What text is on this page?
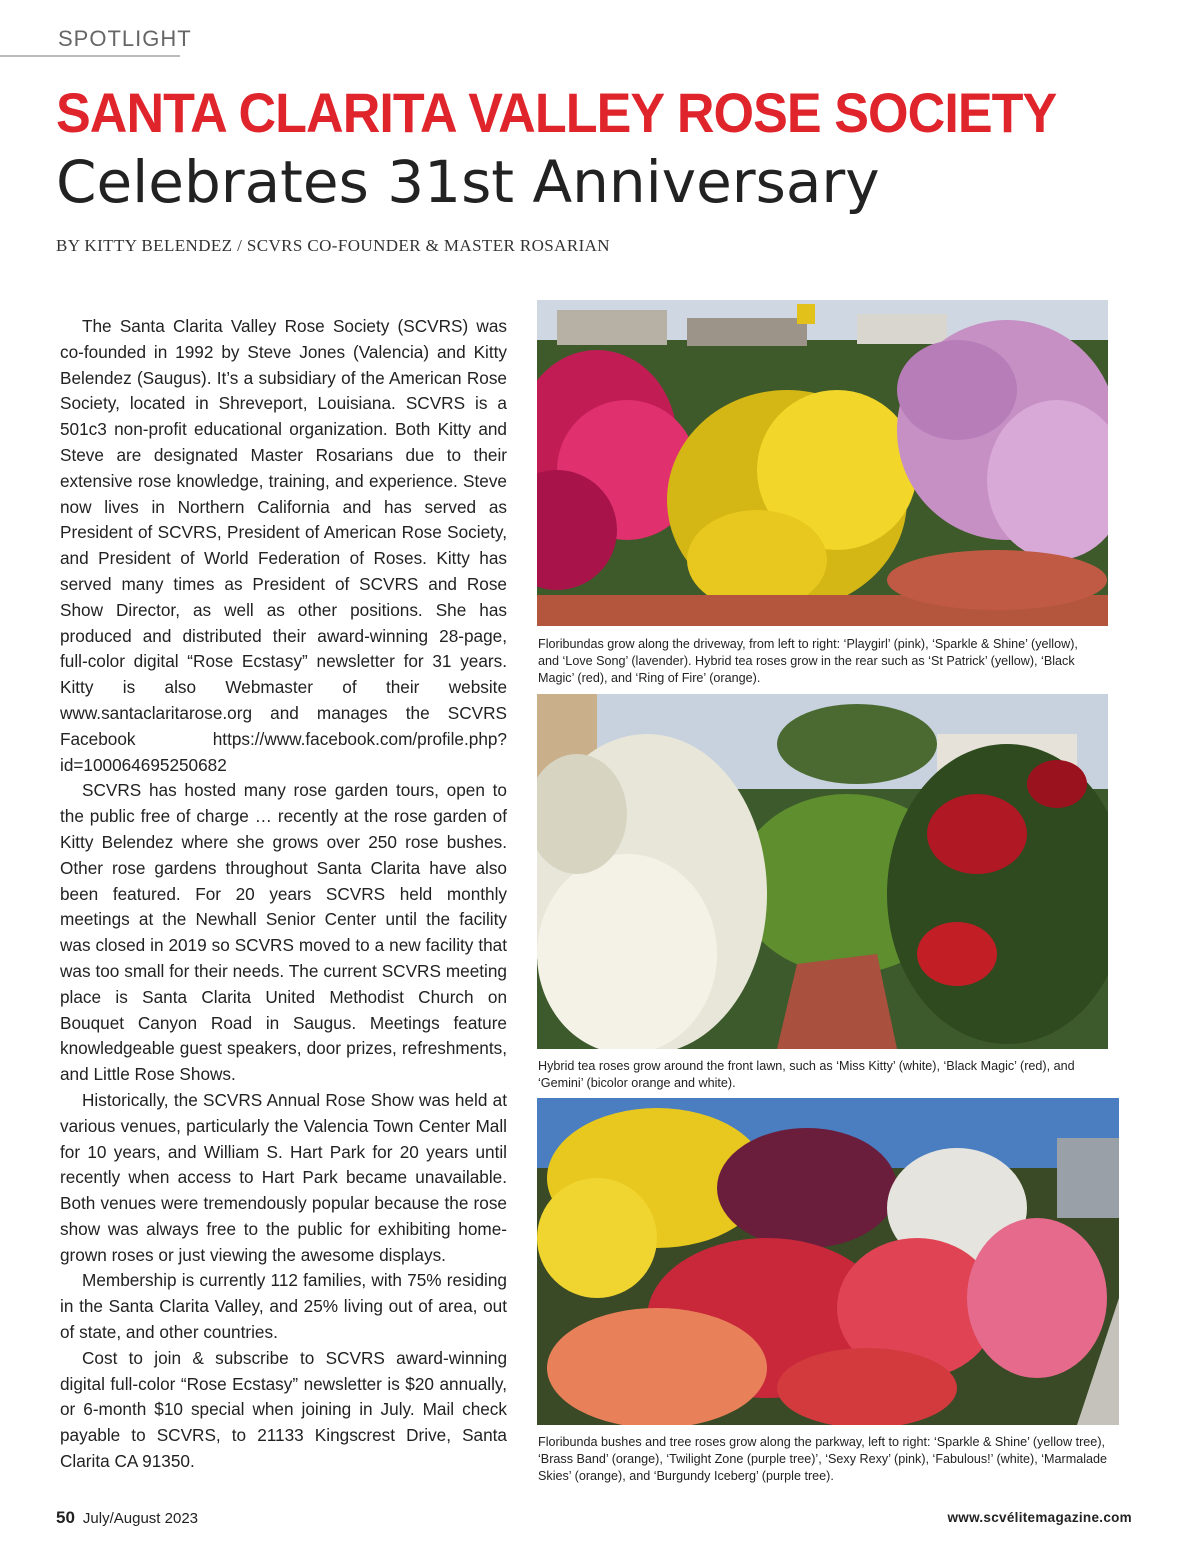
SPOTLIGHT
SANTA CLARITA VALLEY ROSE SOCIETY
Celebrates 31st Anniversary
BY KITTY BELENDEZ / SCVRS CO-FOUNDER & MASTER ROSARIAN

The Santa Clarita Valley Rose Society (SCVRS) was co-founded in 1992 by Steve Jones (Valencia) and Kitty Belendez (Saugus). It’s a subsidiary of the American Rose Society, located in Shreveport, Louisiana. SCVRS is a 501c3 non-profit educational organization. Both Kitty and Steve are designated Master Rosarians due to their extensive rose knowledge, training, and experience. Steve now lives in Northern California and has served as President of SCVRS, President of American Rose Society, and President of World Federation of Roses. Kitty has served many times as President of SCVRS and Rose Show Director, as well as other positions. She has produced and distributed their award-winning 28-page, full-color digital “Rose Ecstasy” newsletter for 31 years. Kitty is also Webmaster of their website www.santaclaritarose.org and manages the SCVRS Facebook https://www.facebook.com/profile.php?id=100064695250682

SCVRS has hosted many rose garden tours, open to the public free of charge … recently at the rose garden of Kitty Belendez where she grows over 250 rose bushes. Other rose gardens throughout Santa Clarita have also been featured. For 20 years SCVRS held monthly meetings at the Newhall Senior Center until the facility was closed in 2019 so SCVRS moved to a new facility that was too small for their needs. The current SCVRS meeting place is Santa Clarita United Methodist Church on Bouquet Canyon Road in Saugus. Meetings feature knowledgeable guest speakers, door prizes, refreshments, and Little Rose Shows.

Historically, the SCVRS Annual Rose Show was held at various venues, particularly the Valencia Town Center Mall for 10 years, and William S. Hart Park for 20 years until recently when access to Hart Park became unavailable. Both venues were tremendously popular because the rose show was always free to the public for exhibiting home-grown roses or just viewing the awesome displays.

Membership is currently 112 families, with 75% residing in the Santa Clarita Valley, and 25% living out of area, out of state, and other countries.

Cost to join & subscribe to SCVRS award-winning digital full-color “Rose Ecstasy” newsletter is $20 annually, or 6-month $10 special when joining in July. Mail check payable to SCVRS, to 21133 Kingscrest Drive, Santa Clarita CA 91350.

Floribundas grow along the driveway, from left to right: ‘Playgirl’ (pink), ‘Sparkle & Shine’ (yellow), and ‘Love Song’ (lavender). Hybrid tea roses grow in the rear such as ‘St Patrick’ (yellow), ‘Black Magic’ (red), and ‘Ring of Fire’ (orange).
Hybrid tea roses grow around the front lawn, such as ‘Miss Kitty’ (white), ‘Black Magic’ (red), and ‘Gemini’ (bicolor orange and white).
Floribunda bushes and tree roses grow along the parkway, left to right: ‘Sparkle & Shine’ (yellow tree), ‘Brass Band’ (orange), ‘Twilight Zone (purple tree)’, ‘Sexy Rexy’ (pink), ‘Fabulous!’ (white), ‘Marmalade Skies’ (orange), and ‘Burgundy Iceberg’ (purple tree).
50 July/August 2023	www.scvélitemagazine.com
